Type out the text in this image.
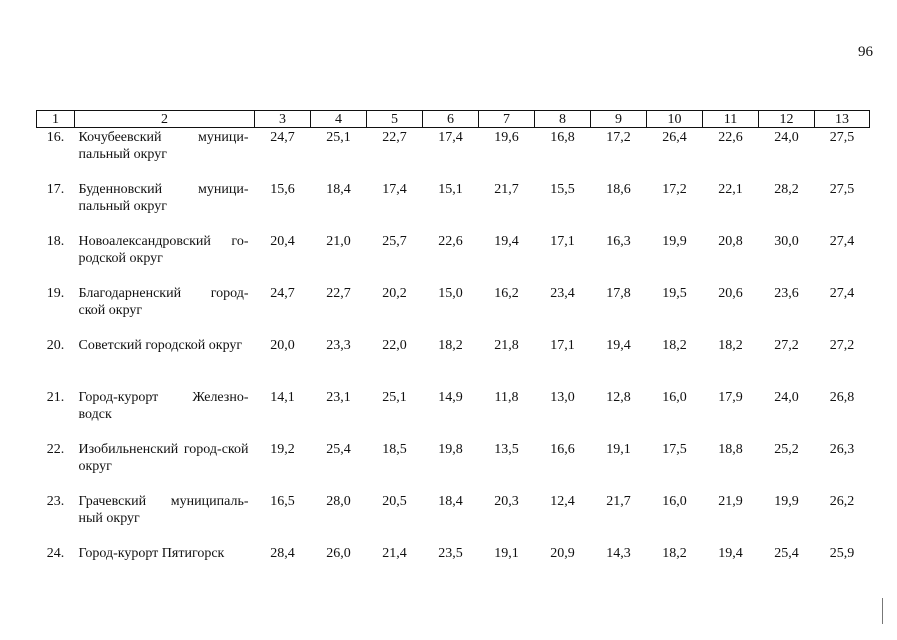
96
1	2	3	4	5	6	7	8	9	10	11	12	13
16.	Кочубеевский муници-пальный округ	24,7	25,1	22,7	17,4	19,6	16,8	17,2	26,4	22,6	24,0	27,5
17.	Буденновский муници-пальный округ	15,6	18,4	17,4	15,1	21,7	15,5	18,6	17,2	22,1	28,2	27,5
18.	Новоалександровский го-родской округ	20,4	21,0	25,7	22,6	19,4	17,1	16,3	19,9	20,8	30,0	27,4
19.	Благодарненский город-ской округ	24,7	22,7	20,2	15,0	16,2	23,4	17,8	19,5	20,6	23,6	27,4
20.	Советский городской округ	20,0	23,3	22,0	18,2	21,8	17,1	19,4	18,2	18,2	27,2	27,2
21.	Город-курорт Железно-водск	14,1	23,1	25,1	14,9	11,8	13,0	12,8	16,0	17,9	24,0	26,8
22.	Изобильненский город-ской округ	19,2	25,4	18,5	19,8	13,5	16,6	19,1	17,5	18,8	25,2	26,3
23.	Грачевский муниципаль-ный округ	16,5	28,0	20,5	18,4	20,3	12,4	21,7	16,0	21,9	19,9	26,2
24.	Город-курорт Пятигорск	28,4	26,0	21,4	23,5	19,1	20,9	14,3	18,2	19,4	25,4	25,9
